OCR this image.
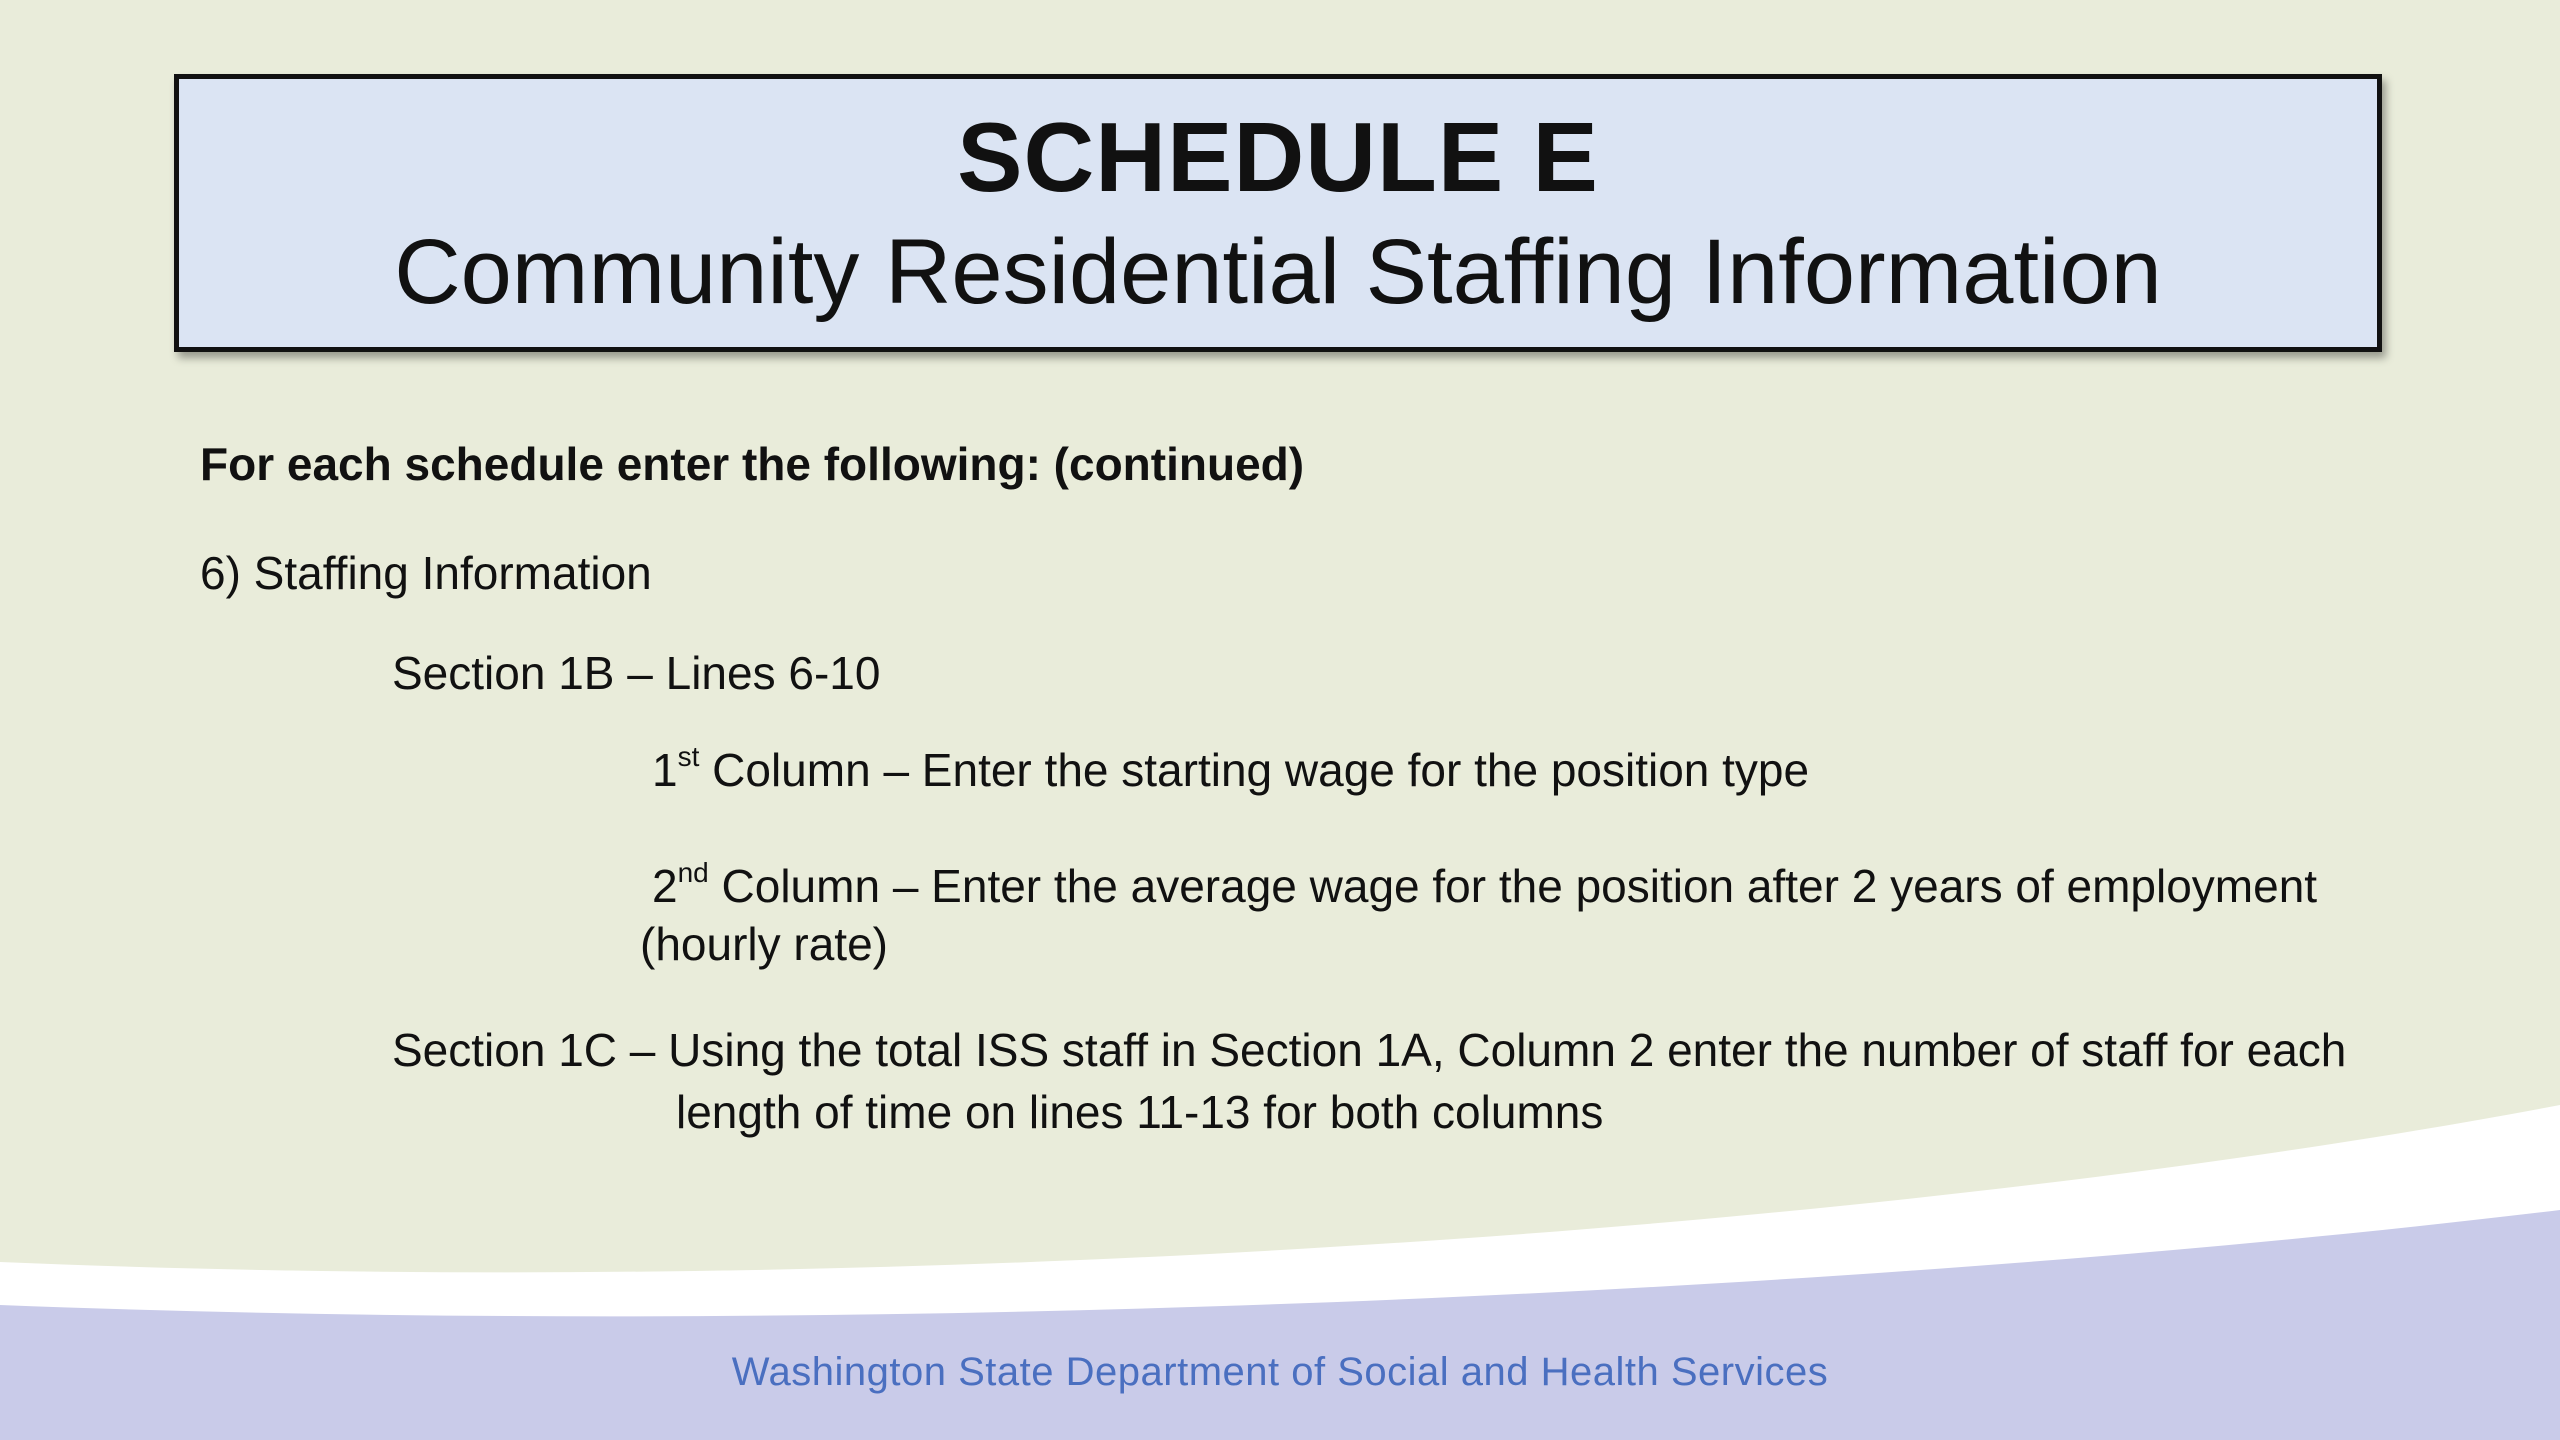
SCHEDULE E
Community Residential Staffing Information
For each schedule enter the following: (continued)
6) Staffing Information
Section 1B – Lines 6-10
1st Column – Enter the starting wage for the position type
2nd Column – Enter the average wage for the position after 2 years of employment
(hourly rate)
Section 1C – Using the total ISS staff in Section 1A, Column 2 enter the number of staff for each
length of time on lines 11-13 for both columns
Washington State Department of Social and Health Services
